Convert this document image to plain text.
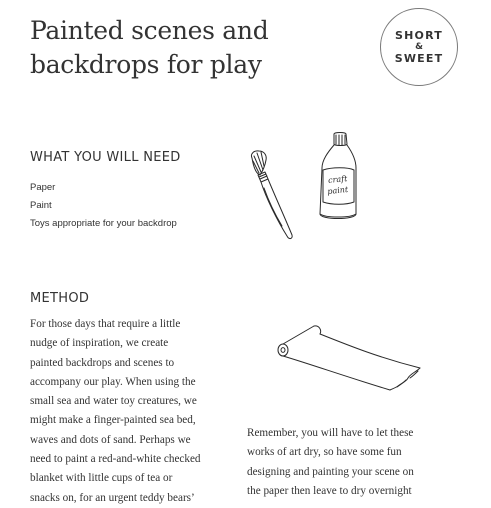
Painted scenes and backdrops for play
SHORT
&
SWEET
craft
paint
WHAT YOU WILL NEED
Paper
Paint
Toys appropriate for your backdrop
METHOD

For those days that require a little
nudge of inspiration, we create
painted backdrops and scenes to
accompany our play. When using the
small sea and water toy creatures, we
might make a finger-painted sea bed,
waves and dots of sand. Perhaps we
need to paint a red-and-white checked
blanket with little cups of tea or
snacks on, for an urgent teddy bears’

Remember, you will have to let these
works of art dry, so have some fun
designing and painting your scene on
the paper then leave to dry overnight
